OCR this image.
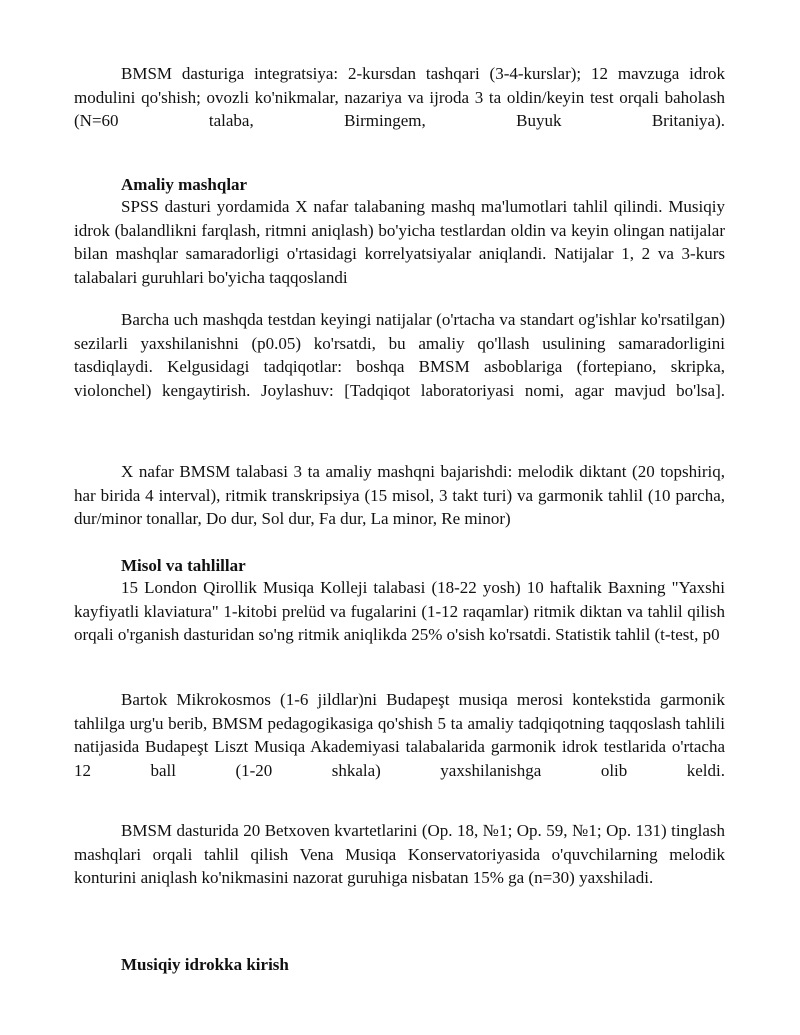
BMSM dasturiga integratsiya: 2-kursdan tashqari (3-4-kurslar); 12 mavzuga idrok modulini qo'shish; ovozli ko'nikmalar, nazariya va ijroda 3 ta oldin/keyin test orqali baholash (N=60 talaba, Birmingem, Buyuk Britaniya).

Amaliy mashqlar

SPSS dasturi yordamida X nafar talabaning mashq ma'lumotlari tahlil qilindi. Musiqiy idrok (balandlikni farqlash, ritmni aniqlash) bo'yicha testlardan oldin va keyin olingan natijalar bilan mashqlar samaradorligi o'rtasidagi korrelyatsiyalar aniqlandi. Natijalar 1, 2 va 3-kurs talabalari guruhlari bo'yicha taqqoslandi

Barcha uch mashqda testdan keyingi natijalar (o'rtacha va standart og'ishlar ko'rsatilgan) sezilarli yaxshilanishni (p0.05) ko'rsatdi, bu amaliy qo'llash usulining samaradorligini tasdiqlaydi. Kelgusidagi tadqiqotlar: boshqa BMSM asboblariga (fortepiano, skripka, violonchel) kengaytirish. Joylashuv: [Tadqiqot laboratoriyasi nomi, agar mavjud bo'lsa].

X nafar BMSM talabasi 3 ta amaliy mashqni bajarishdi: melodik diktant (20 topshiriq, har birida 4 interval), ritmik transkripsiya (15 misol, 3 takt turi) va garmonik tahlil (10 parcha, dur/minor tonallar, Do dur, Sol dur, Fa dur, La minor, Re minor)

Misol va tahlillar

15 London Qirollik Musiqa Kolleji talabasi (18-22 yosh) 10 haftalik Baxning "Yaxshi kayfiyatli klaviatura" 1-kitobi prelüd va fugalarini (1-12 raqamlar) ritmik diktan va tahlil qilish orqali o'rganish dasturidan so'ng ritmik aniqlikda 25% o'sish ko'rsatdi. Statistik tahlil (t-test, p0

Bartok Mikrokosmos (1-6 jildlar)ni Budapeşt musiqa merosi kontekstida garmonik tahlilga urg'u berib, BMSM pedagogikasiga qo'shish 5 ta amaliy tadqiqotning taqqoslash tahlili natijasida Budapeşt Liszt Musiqa Akademiyasi talabalarida garmonik idrok testlarida o'rtacha 12 ball (1-20 shkala) yaxshilanishga olib keldi.

BMSM dasturida 20 Betxoven kvartetlarini (Op. 18, №1; Op. 59, №1; Op. 131) tinglash mashqlari orqali tahlil qilish Vena Musiqa Konservatoriyasida o'quvchilarning melodik konturini aniqlash ko'nikmasini nazorat guruhiga nisbatan 15% ga (n=30) yaxshiladi.

Musiqiy idrokka kirish
